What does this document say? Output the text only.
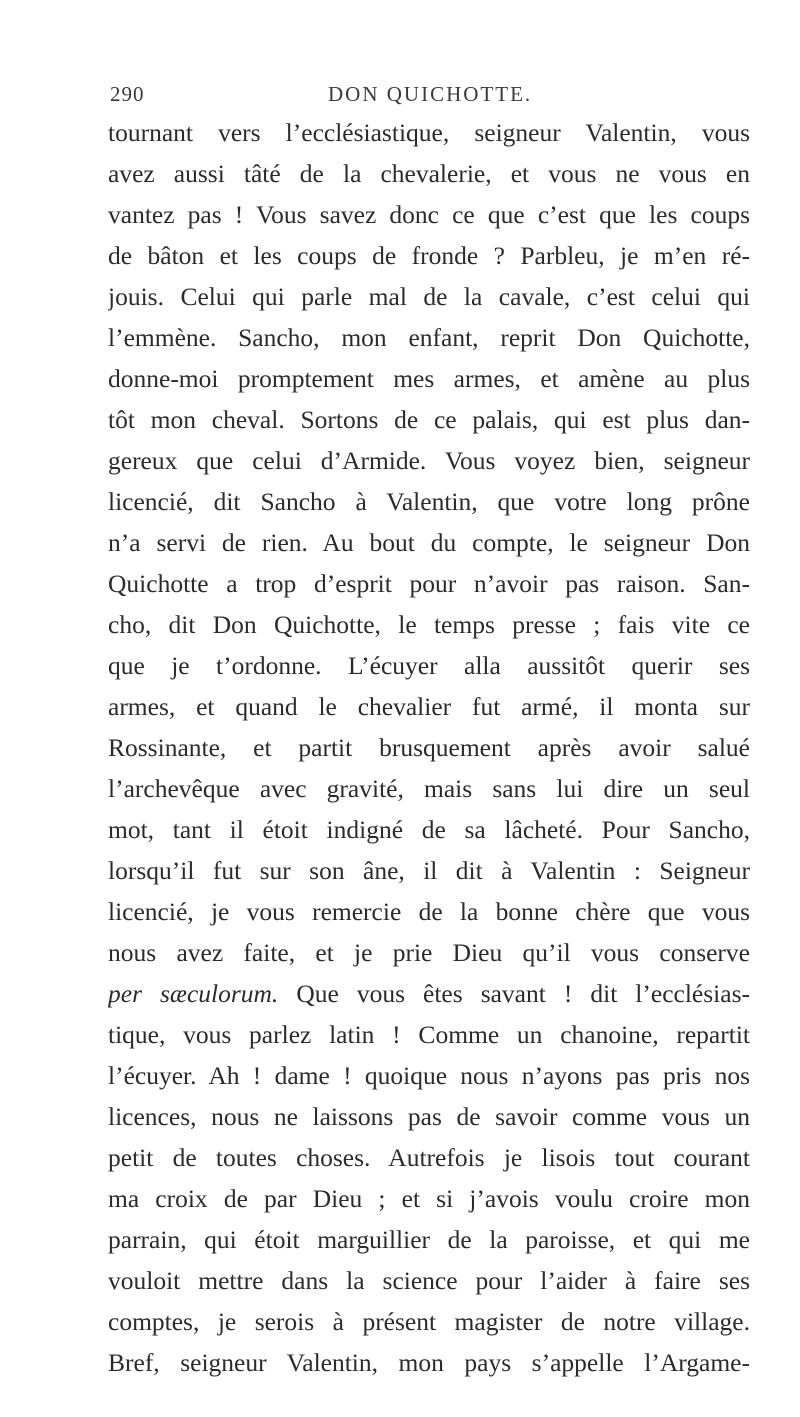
290	DON QUICHOTTE.
tournant vers l’ecclésiastique, seigneur Valentin, vous
avez aussi tâté de la chevalerie, et vous ne vous en
vantez pas ! Vous savez donc ce que c’est que les coups
de bâton et les coups de fronde ? Parbleu, je m’en ré-
jouis. Celui qui parle mal de la cavale, c’est celui qui
l’emmène. Sancho, mon enfant, reprit Don Quichotte,
donne-moi promptement mes armes, et amène au plus
tôt mon cheval. Sortons de ce palais, qui est plus dan-
gereux que celui d’Armide. Vous voyez bien, seigneur
licencié, dit Sancho à Valentin, que votre long prône
n’a servi de rien. Au bout du compte, le seigneur Don
Quichotte a trop d’esprit pour n’avoir pas raison. San-
cho, dit Don Quichotte, le temps presse ; fais vite ce
que je t’ordonne. L’écuyer alla aussitôt querir ses
armes, et quand le chevalier fut armé, il monta sur
Rossinante, et partit brusquement après avoir salué
l’archevêque avec gravité, mais sans lui dire un seul
mot, tant il étoit indigné de sa lâcheté. Pour Sancho,
lorsqu’il fut sur son âne, il dit à Valentin : Seigneur
licencié, je vous remercie de la bonne chère que vous
nous avez faite, et je prie Dieu qu’il vous conserve
per sæculorum. Que vous êtes savant ! dit l’ecclésias-
tique, vous parlez latin ! Comme un chanoine, repartit
l’écuyer. Ah ! dame ! quoique nous n’ayons pas pris nos
licences, nous ne laissons pas de savoir comme vous un
petit de toutes choses. Autrefois je lisois tout courant
ma croix de par Dieu ; et si j’avois voulu croire mon
parrain, qui étoit marguillier de la paroisse, et qui me
vouloit mettre dans la science pour l’aider à faire ses
comptes, je serois à présent magister de notre village.
Bref, seigneur Valentin, mon pays s’appelle l’Argame-
